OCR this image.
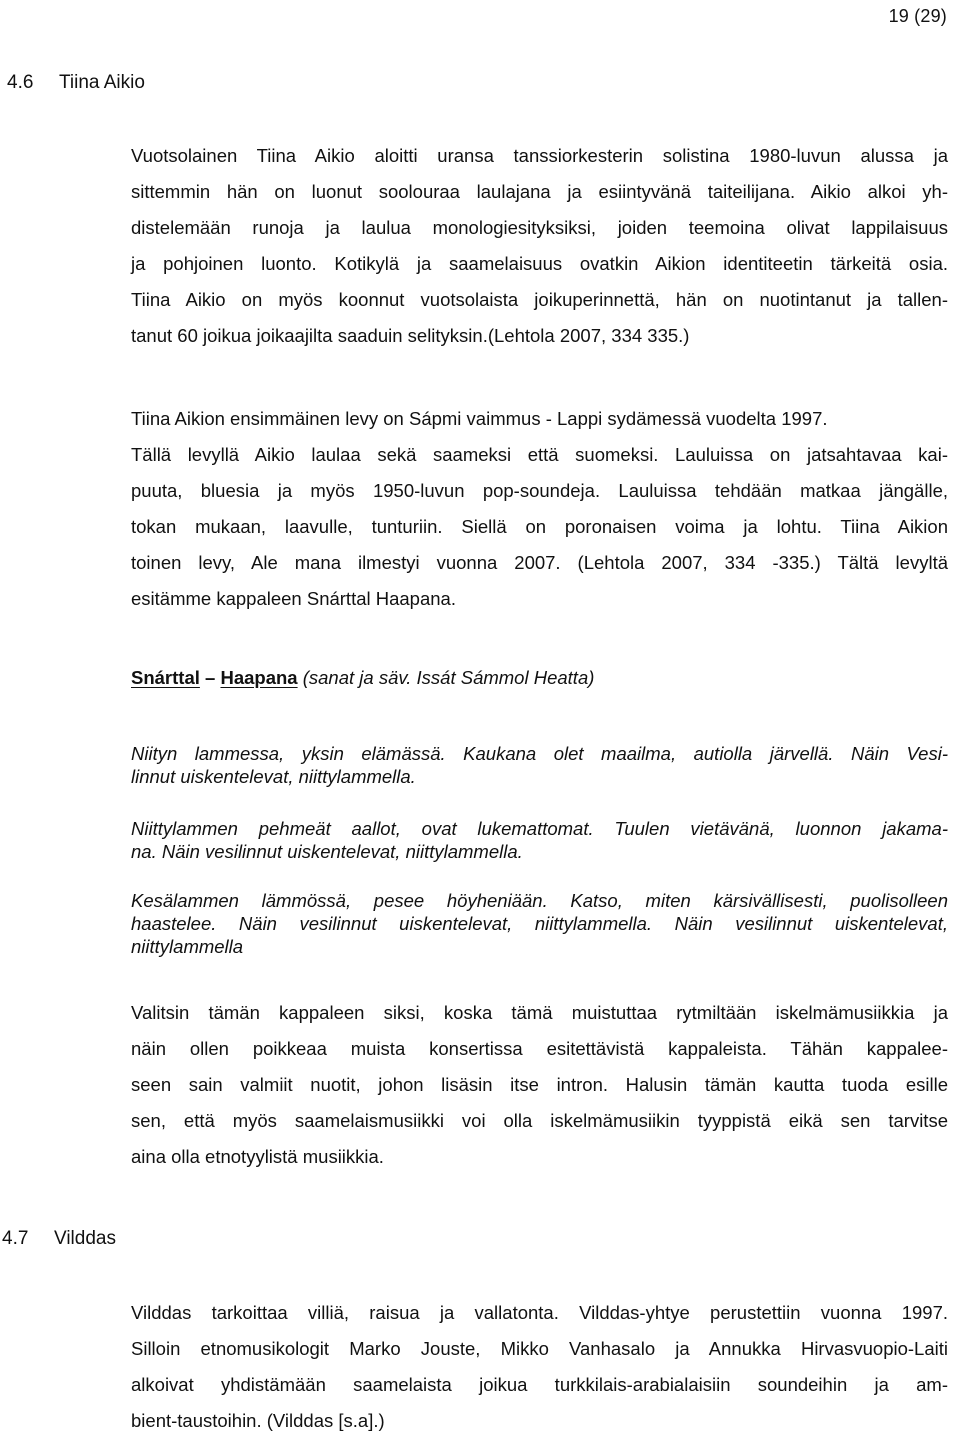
19 (29)
4.6 Tiina Aikio
Vuotsolainen Tiina Aikio aloitti uransa tanssiorkesterin solistina 1980-luvun alussa ja
sittemmin hän on luonut soolouraa laulajana ja esiintyvänä taiteilijana. Aikio alkoi yh-
distelemään runoja ja laulua monologiesityksiksi, joiden teemoina olivat lappilaisuus
ja pohjoinen luonto. Kotikylä ja saamelaisuus ovatkin Aikion identiteetin tärkeitä osia.
Tiina Aikio on myös koonnut vuotsolaista joikuperinnettä, hän on nuotintanut ja tallen-
tanut 60 joikua joikaajilta saaduin selityksin.(Lehtola 2007, 334 335.)
Tiina Aikion ensimmäinen levy on Sápmi vaimmus - Lappi sydämessä vuodelta 1997.
Tällä levyllä Aikio laulaa sekä saameksi että suomeksi. Lauluissa on jatsahtavaa kai-
puuta, bluesia ja myös 1950-luvun pop-soundeja. Lauluissa tehdään matkaa jängälle,
tokan mukaan, laavulle, tunturiin. Siellä on poronaisen voima ja lohtu. Tiina Aikion
toinen levy, Ale mana ilmestyi vuonna 2007. (Lehtola 2007, 334 -335.) Tältä levyltä
esitämme kappaleen Snárttal Haapana.
Snárttal – Haapana (sanat ja säv. Issát Sámmol Heatta)
Niityn lammessa, yksin elämässä. Kaukana olet maailma, autiolla järvellä. Näin Vesi-
linnut uiskentelevat, niittylammella.
Niittylammen pehmeät aallot, ovat lukemattomat. Tuulen vietävänä, luonnon jakama-
na. Näin vesilinnut uiskentelevat, niittylammella.
Kesälammen lämmössä, pesee höyheniään. Katso, miten kärsivällisesti, puolisolleen
haastelee. Näin vesilinnut uiskentelevat, niittylammella. Näin vesilinnut uiskentelevat,
niittylammella
Valitsin tämän kappaleen siksi, koska tämä muistuttaa rytmiltään iskelmämusiikkia ja
näin ollen poikkeaa muista konsertissa esitettävistä kappaleista. Tähän kappalee-
seen sain valmiit nuotit, johon lisäsin itse intron. Halusin tämän kautta tuoda esille
sen, että myös saamelaismusiikki voi olla iskelmämusiikin tyyppistä eikä sen tarvitse
aina olla etnotyylistä musiikkia.
4.7 Vilddas
Vilddas tarkoittaa villiä, raisua ja vallatonta. Vilddas-yhtye perustettiin vuonna 1997.
Silloin etnomusikologit Marko Jouste, Mikko Vanhasalo ja Annukka Hirvasvuopio-Laiti
alkoivat yhdistämään saamelaista joikua turkkilais-arabialaisiin soundeihin ja am-
bient-taustoihin. (Vilddas [s.a].)
